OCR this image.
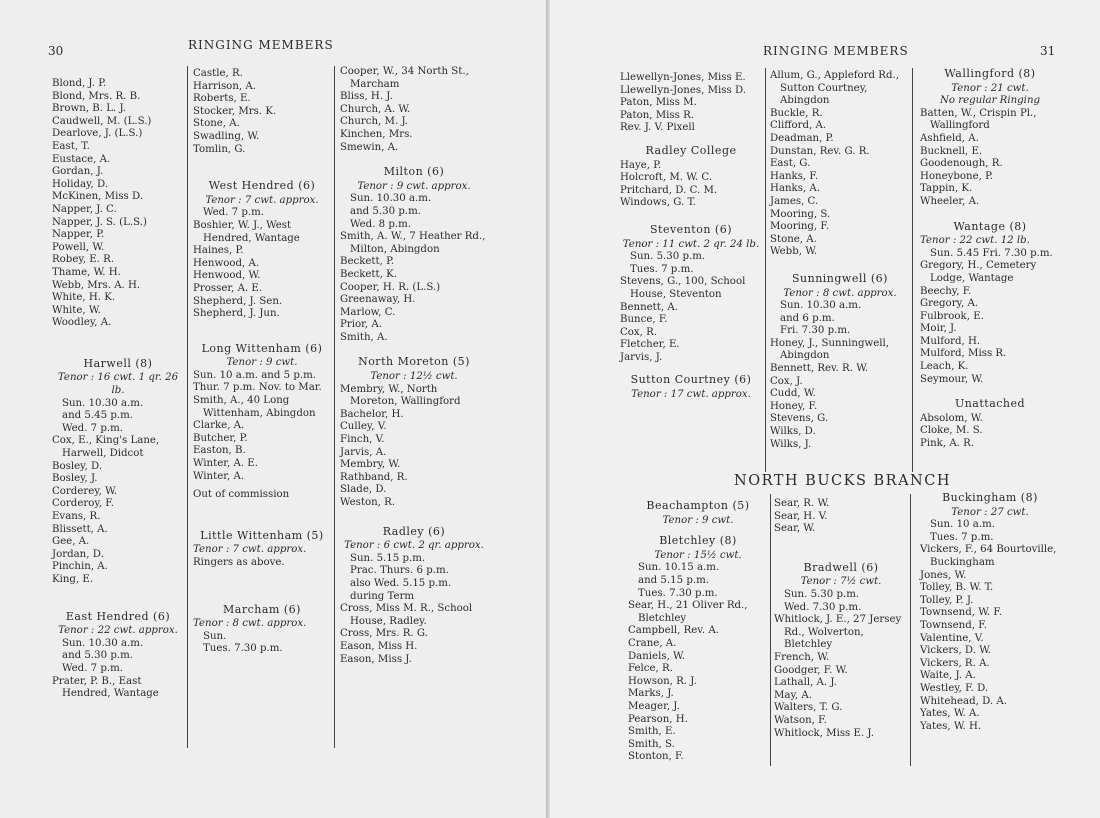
30	RINGING MEMBERS
Blond, J. P.
Blond, Mrs. R. B.
Brown, B. L. J.
Caudwell, M. (L.S.)
Dearlove, J. (L.S.)
East, T.
Eustace, A.
Gordan, J.
Holiday, D.
McKinen, Miss D.
Napper, J. C.
Napper, J. S. (L.S.)
Napper, P.
Powell, W.
Robey, E. R.
Thame, W. H.
Webb, Mrs. A. H.
White, H. K.
White, W.
Woodley, A.
Harwell (8)
Tenor : 16 cwt. 1 qr. 26 lb.
Sun. 10.30 a.m.
and 5.45 p.m.
Wed. 7 p.m.
Cox, E., King's Lane, Harwell, Didcot
Bosley, D.
Bosley, J.
Corderey, W.
Corderoy, F.
Evans, R.
Blissett, A.
Gee, A.
Jordan, D.
Pinchin, A.
King, E.
East Hendred (6)
Tenor : 22 cwt. approx.
Sun. 10.30 a.m.
and 5.30 p.m.
Wed. 7 p.m.
Prater, P. B., East Hendred, Wantage
Castle, R.
Harrison, A.
Roberts, E.
Stocker, Mrs. K.
Stone, A.
Swadling, W.
Tomlin, G.
West Hendred (6)
Tenor : 7 cwt. approx.
Wed. 7 p.m.
Boshier, W. J., West Hendred, Wantage
Haines, P.
Henwood, A.
Henwood, W.
Prosser, A. E.
Shepherd, J. Sen.
Shepherd, J. Jun.
Long Wittenham (6)
Tenor : 9 cwt.
Sun. 10 a.m. and 5 p.m.
Thur. 7 p.m. Nov. to Mar.
Smith, A., 40 Long Wittenham, Abingdon
Clarke, A.
Butcher, P.
Easton, B.
Winter, A. E.
Winter, A.
Out of commission
Little Wittenham (5)
Tenor : 7 cwt. approx.
Ringers as above.
Marcham (6)
Tenor : 8 cwt. approx.
Sun.
Tues. 7.30 p.m.
Cooper, W., 34 North St., Marcham
Bliss, H. J.
Church, A. W.
Church, M. J.
Kinchen, Mrs.
Smewin, A.
Milton (6)
Tenor : 9 cwt. approx.
Sun. 10.30 a.m.
and 5.30 p.m.
Wed. 8 p.m.
Smith, A. W., 7 Heather Rd., Milton, Abingdon
Beckett, P.
Beckett, K.
Cooper, H. R. (L.S.)
Greenaway, H.
Marlow, C.
Prior, A.
Smith, A.
North Moreton (5)
Tenor : 12½ cwt.
Membry, W., North Moreton, Wallingford
Bachelor, H.
Culley, V.
Finch, V.
Jarvis, A.
Membry, W.
Rathband, R.
Slade, D.
Weston, R.
Radley (6)
Tenor : 6 cwt. 2 qr. approx.
Sun. 5.15 p.m.
Prac. Thurs. 6 p.m.
also Wed. 5.15 p.m.
during Term
Cross, Miss M. R., School House, Radley.
Cross, Mrs. R. G.
Eason, Miss H.
Eason, Miss J.
RINGING MEMBERS	31
Llewellyn-Jones, Miss E.
Llewellyn-Jones, Miss D.
Paton, Miss M.
Paton, Miss R.
Rev. J. V. Pixell
Radley College
Haye, P.
Holcroft, M. W. C.
Pritchard, D. C. M.
Windows, G. T.
Steventon (6)
Tenor : 11 cwt. 2 qr. 24 lb.
Sun. 5.30 p.m.
Tues. 7 p.m.
Stevens, G., 100, School House, Steventon
Bennett, A.
Bunce, F.
Cox, R.
Fletcher, E.
Jarvis, J.
Sutton Courtney (6)
Tenor : 17 cwt. approx.
Allum, G., Appleford Rd., Sutton Courtney, Abingdon
Buckle, R.
Clifford, A.
Deadman, P.
Dunstan, Rev. G. R.
East, G.
Hanks, F.
Hanks, A.
James, C.
Mooring, S.
Mooring, F.
Stone, A.
Webb, W.
Sunningwell (6)
Tenor : 8 cwt. approx.
Sun. 10.30 a.m.
and 6 p.m.
Fri. 7.30 p.m.
Honey, J., Sunningwell, Abingdon
Bennett, Rev. R. W.
Cox, J.
Cudd, W.
Honey, F.
Stevens, G.
Wilks, D.
Wilks, J.
Wallingford (8)
Tenor : 21 cwt.
No regular Ringing
Batten, W., Crispin Pl., Wallingford
Ashfield, A.
Bucknell, E.
Goodenough, R.
Honeybone, P.
Tappin, K.
Wheeler, A.
Wantage (8)
Tenor : 22 cwt. 12 lb.
Sun. 5.45 Fri. 7.30 p.m.
Gregory, H., Cemetery Lodge, Wantage
Beechy, F.
Gregory, A.
Fulbrook, E.
Moir, J.
Mulford, H.
Mulford, Miss R.
Leach, K.
Seymour, W.
Unattached
Absolom, W.
Cloke, M. S.
Pink, A. R.
NORTH BUCKS BRANCH
Beachampton (5)
Tenor : 9 cwt.
Bletchley (8)
Tenor : 15½ cwt.
Sun. 10.15 a.m.
and 5.15 p.m.
Tues. 7.30 p.m.
Sear, H., 21 Oliver Rd., Bletchley
Campbell, Rev. A.
Crane, A.
Daniels, W.
Felce, R.
Howson, R. J.
Marks, J.
Meager, J.
Pearson, H.
Smith, E.
Smith, S.
Stonton, F.
Sear, R. W.
Sear, H. V.
Sear, W.
Bradwell (6)
Tenor : 7½ cwt.
Sun. 5.30 p.m.
Wed. 7.30 p.m.
Whitlock, J. E., 27 Jersey Rd., Wolverton, Bletchley
French, W.
Goodger, F. W.
Lathall, A. J.
May, A.
Walters, T. G.
Watson, F.
Whitlock, Miss E. J.
Buckingham (8)
Tenor : 27 cwt.
Sun. 10 a.m.
Tues. 7 p.m.
Vickers, F., 64 Bourtoville, Buckingham
Jones, W.
Tolley, B. W. T.
Tolley, P. J.
Townsend, W. F.
Townsend, F.
Valentine, V.
Vickers, D. W.
Vickers, R. A.
Waite, J. A.
Westley, F. D.
Whitehead, D. A.
Yates, W. A.
Yates, W. H.
